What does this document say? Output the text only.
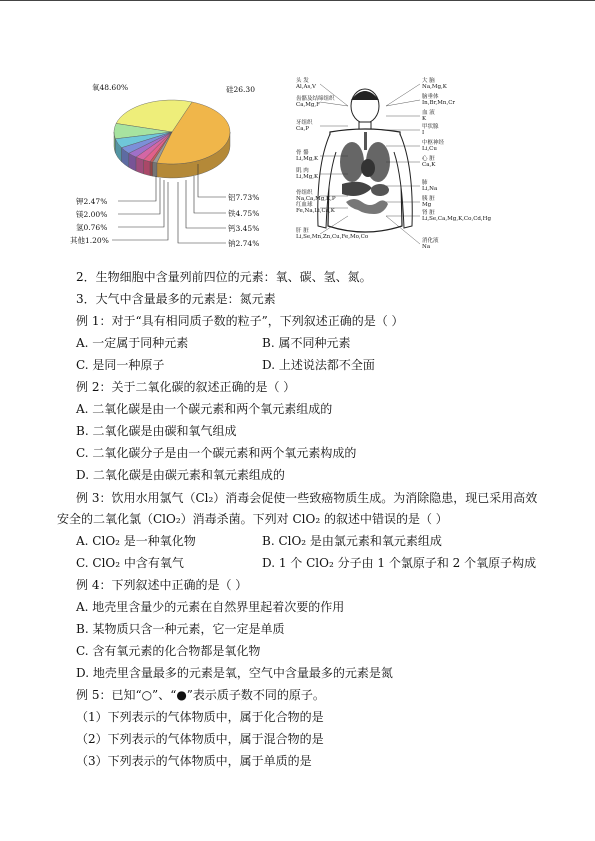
氧48.60%	硅26.30
铝7.73%
铁4.75%
钙3.45%
钠2.74%
钾2.47%
镁2.00%
氢0.76%
其他1.20%
头 发
Al,As,V
齿骼及结缔组织
Ca,Mg,F
牙组织
Ca,P
骨 骼
Li,Mg,K
肌 肉
Li,Mg,K
骨组织
Na,Ca,Mg,K,P
红血球
Fe,Na,Li,Ca,K
肝 脏
Li,Se,Mn,Zn,Cu,Fe,Mo,Co
大 脑
Na,Mg,K
脑垂体
In,Br,Mn,Cr
血 液
K
甲状腺
I
中枢神经
Li,Cu
心 脏
Ca,K
肺
Li,Na
胰 脏
Mg
肾 脏
Li,Se,Ca,Mg,K,Co,Cd,Hg
消化液
Na
2．生物细胞中含量列前四位的元素：氧、碳、氢、氮。
3．大气中含量最多的元素是：氮元素
例 1：对于“具有相同质子数的粒子”，下列叙述正确的是（ ）
A. 一定属于同种元素	B. 属不同种元素
C. 是同一种原子	D. 上述说法都不全面
例 2：关于二氧化碳的叙述正确的是（ ）
A. 二氧化碳是由一个碳元素和两个氧元素组成的
B. 二氧化碳是由碳和氧气组成
C. 二氧化碳分子是由一个碳元素和两个氧元素构成的
D. 二氧化碳是由碳元素和氧元素组成的
例 3：饮用水用氯气（Cl₂）消毒会促使一些致癌物质生成。为消除隐患，现已采用高效
安全的二氧化氯（ClO₂）消毒杀菌。下列对 ClO₂ 的叙述中错误的是（ ）
A. ClO₂ 是一种氧化物	B. ClO₂ 是由氯元素和氧元素组成
C. ClO₂ 中含有氧气	D. 1 个 ClO₂ 分子由 1 个氯原子和 2 个氧原子构成
例 4：下列叙述中正确的是（ ）
A. 地壳里含量少的元素在自然界里起着次要的作用
B. 某物质只含一种元素，它一定是单质
C. 含有氧元素的化合物都是氧化物
D. 地壳里含量最多的元素是氧，空气中含量最多的元素是氮
例 5：已知“○”、“●”表示质子数不同的原子。
（1）下列表示的气体物质中，属于化合物的是
（2）下列表示的气体物质中，属于混合物的是
（3）下列表示的气体物质中，属于单质的是
